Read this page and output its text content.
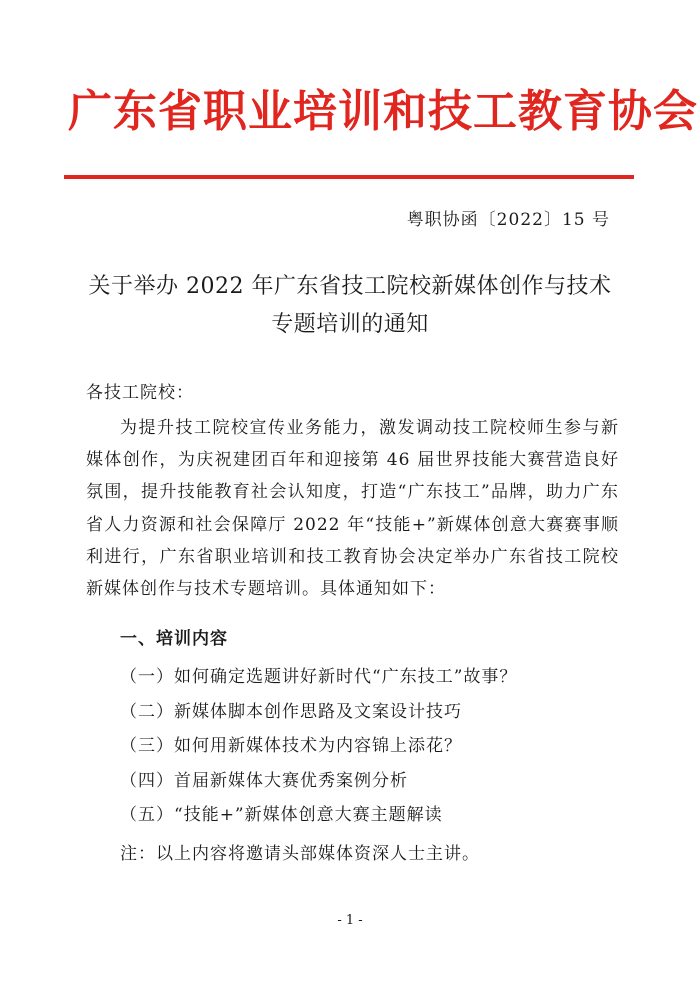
广东省职业培训和技工教育协会
粤职协函〔2022〕15 号
关于举办 2022 年广东省技工院校新媒体创作与技术专题培训的通知
各技工院校：
为提升技工院校宣传业务能力，激发调动技工院校师生参与新媒体创作，为庆祝建团百年和迎接第 46 届世界技能大赛营造良好氛围，提升技能教育社会认知度，打造“广东技工”品牌，助力广东省人力资源和社会保障厅 2022 年“技能+”新媒体创意大赛赛事顺利进行，广东省职业培训和技工教育协会决定举办广东省技工院校新媒体创作与技术专题培训。具体通知如下：
一、培训内容
（一）如何确定选题讲好新时代“广东技工”故事？
（二）新媒体脚本创作思路及文案设计技巧
（三）如何用新媒体技术为内容锦上添花？
（四）首届新媒体大赛优秀案例分析
（五）“技能+”新媒体创意大赛主题解读
注：以上内容将邀请头部媒体资深人士主讲。
- 1 -
